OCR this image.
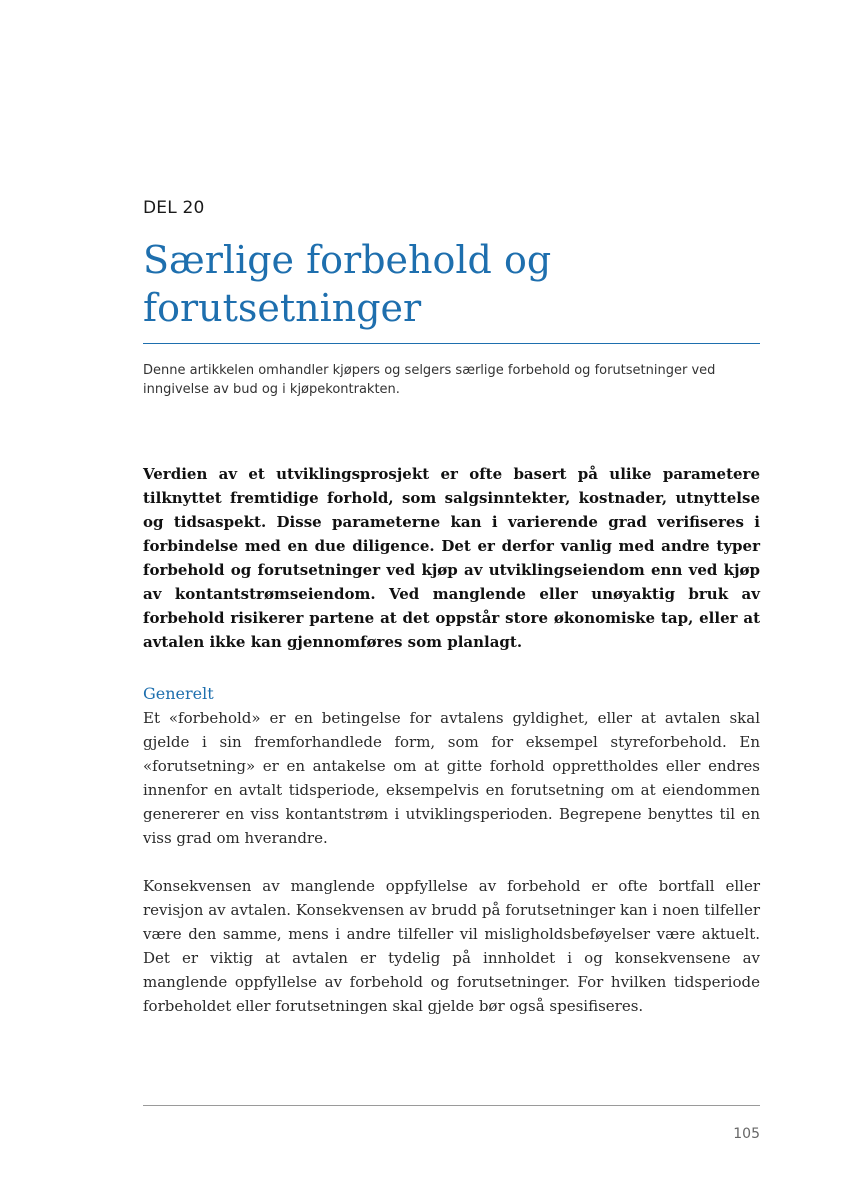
DEL 20
Særlige forbehold og forutsetninger

Denne artikkelen omhandler kjøpers og selgers særlige forbehold og forutsetninger ved inngivelse av bud og i kjøpekontrakten.

Verdien av et utviklingsprosjekt er ofte basert på ulike parametere tilknyttet fremtidige forhold, som salgsinntekter, kostnader, utnyttelse og tidsaspekt. Disse parameterne kan i varierende grad verifiseres i forbindelse med en due diligence. Det er derfor vanlig med andre typer forbehold og forutsetninger ved kjøp av utviklingseiendom enn ved kjøp av kontantstrømseiendom. Ved manglende eller unøyaktig bruk av forbehold risikerer partene at det oppstår store økonomiske tap, eller at avtalen ikke kan gjennomføres som planlagt.

Generelt

Et «forbehold» er en betingelse for avtalens gyldighet, eller at avtalen skal gjelde i sin fremforhandlede form, som for eksempel styreforbehold. En «forutsetning» er en antakelse om at gitte forhold opprettholdes eller endres innenfor en avtalt tidsperiode, eksempelvis en forutsetning om at eiendommen genererer en viss kontantstrøm i utviklingsperioden. Begrepene benyttes til en viss grad om hverandre.

Konsekvensen av manglende oppfyllelse av forbehold er ofte bortfall eller revisjon av avtalen. Konsekvensen av brudd på forutsetninger kan i noen tilfeller være den samme, mens i andre tilfeller vil misligholdsbeføyelser være aktuelt. Det er viktig at avtalen er tydelig på innholdet i og konsekvensene av manglende oppfyllelse av forbehold og forutsetninger. For hvilken tidsperiode forbeholdet eller forutsetningen skal gjelde bør også spesifiseres.

105
